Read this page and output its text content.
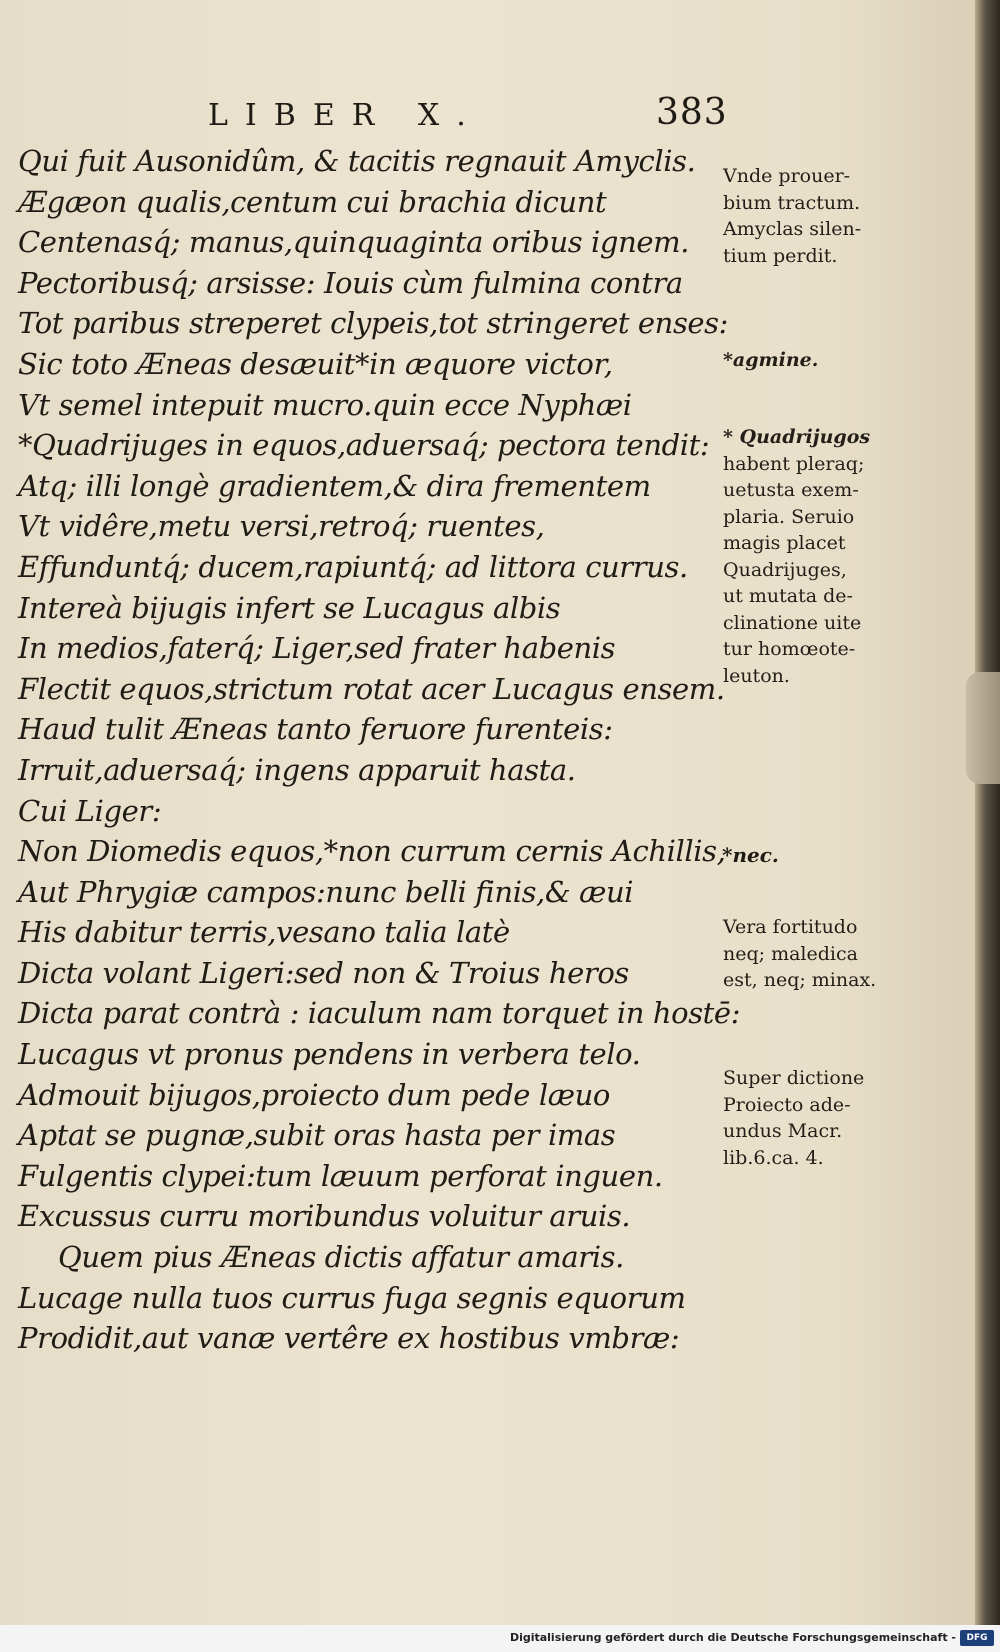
LIBER X.	383
Qui fuit Ausonidûm, & tacitis regnauit Amyclis.
Ægæon qualis,centum cui brachia dicunt
Centenasq́; manus,quinquaginta oribus ignem.
Pectoribusq́; arsisse: Iouis cùm fulmina contra
Tot paribus streperet clypeis,tot stringeret enses:
Sic toto Æneas desæuit*in æquore victor,
Vt semel intepuit mucro.quin ecce Nyphæi
*Quadrijuges in equos,aduersaq́; pectora tendit:
Atq; illi longè gradientem,& dira frementem
Vt vidêre,metu versi,retroq́; ruentes,
Effunduntq́; ducem,rapiuntq́; ad littora currus.
Intereà bijugis infert se Lucagus albis
In medios,faterq́; Liger,sed frater habenis
Flectit equos,strictum rotat acer Lucagus ensem.
Haud tulit Æneas tanto feruore furenteis:
Irruit,aduersaq́; ingens apparuit hasta.
Cui Liger:
Non Diomedis equos,*non currum cernis Achillis,
Aut Phrygiæ campos:nunc belli finis,& æui
His dabitur terris,vesano talia latè
Dicta volant Ligeri:sed non & Troius heros
Dicta parat contrà : iaculum nam torquet in hostē:
Lucagus vt pronus pendens in verbera telo.
Admouit bijugos,proiecto dum pede læuo
Aptat se pugnæ,subit oras hasta per imas
Fulgentis clypei:tum læuum perforat inguen.
Excussus curru moribundus voluitur aruis.
Quem pius Æneas dictis affatur amaris.
Lucage nulla tuos currus fuga segnis equorum
Prodidit,aut vanæ vertêre ex hostibus vmbræ:
*nec.

Vnde prouer-
bium tractum.
Amyclas silen-
tium perdit.

*agmine.

* Quadrijugos
habent pleraq;
uetusta exem-
plaria. Seruio
magis placet
Quadrijuges,
ut mutata de-
clinatione uite
tur homœote-
leuton.

Vera fortitudo
neq; maledica
est, neq; minax.

Super dictione
Proiecto ade-
undus Macr.
lib.6.ca. 4.

Digitalisierung gefördert durch die Deutsche Forschungsgemeinschaft -	DFG
